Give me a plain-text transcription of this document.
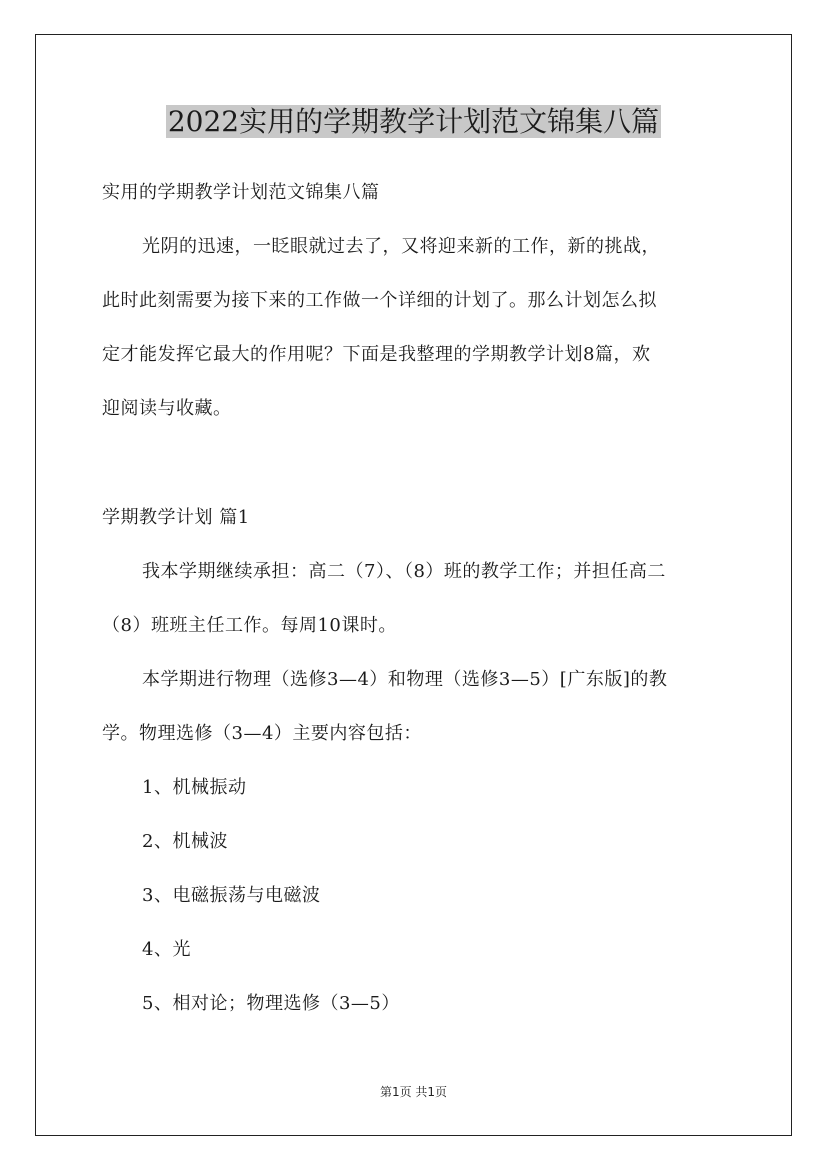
2022实用的学期教学计划范文锦集八篇
实用的学期教学计划范文锦集八篇
光阴的迅速，一眨眼就过去了，又将迎来新的工作，新的挑战，
此时此刻需要为接下来的工作做一个详细的计划了。那么计划怎么拟
定才能发挥它最大的作用呢？下面是我整理的学期教学计划8篇，欢
迎阅读与收藏。
学期教学计划 篇1
我本学期继续承担：高二（7）、（8）班的教学工作；并担任高二
（8）班班主任工作。每周10课时。
本学期进行物理（选修3—4）和物理（选修3—5）[广东版]的教
学。物理选修（3—4）主要内容包括：
1、机械振动
2、机械波
3、电磁振荡与电磁波
4、光
5、相对论；物理选修（3—5）
第1页 共1页
